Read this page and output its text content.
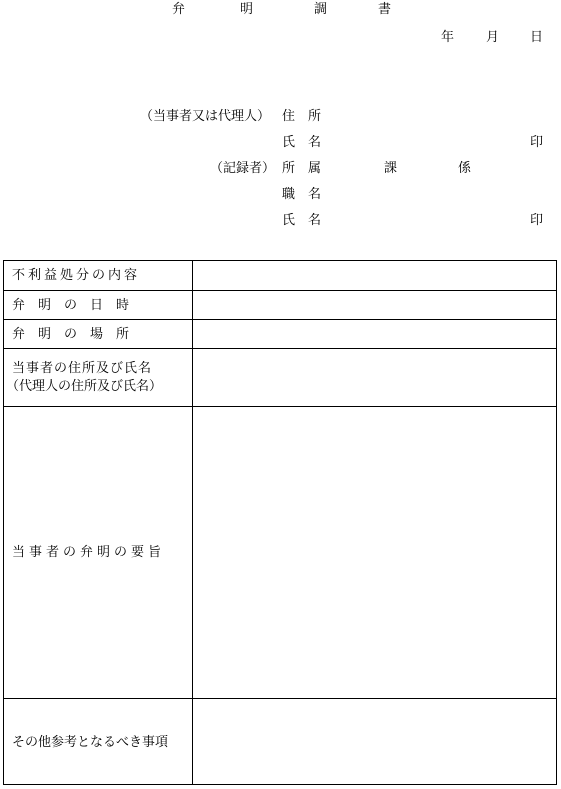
弁	明	調	書
年 月 日
（当事者又は代理人） 住　所
氏　名	印
（記録者） 所　属	課	係
職　名
氏　名	印
不利益処分の内容
弁　明　の　日　時
弁　明　の　場　所
当事者の住所及び氏名
（代理人の住所及び氏名）
当事者の弁明の要旨
その他参考となるべき事項
